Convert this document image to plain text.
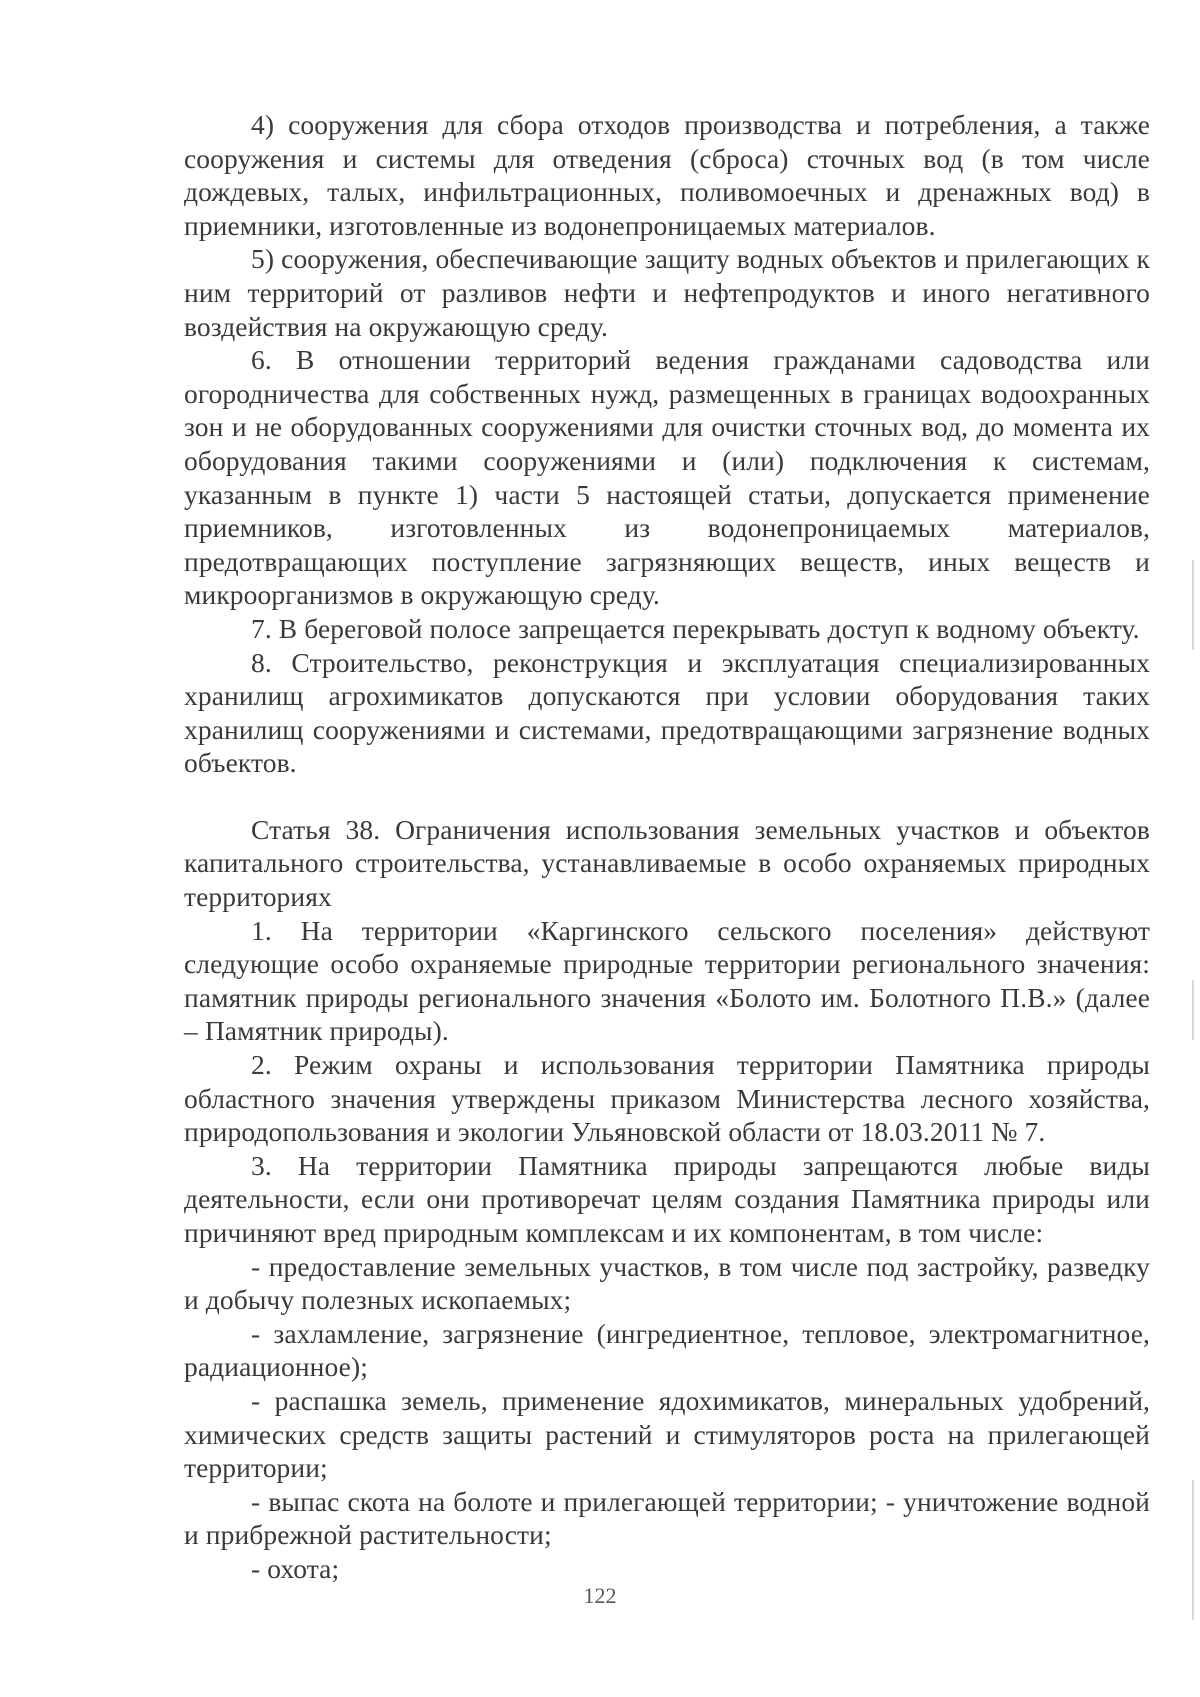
4) сооружения для сбора отходов производства и потребления, а также сооружения и системы для отведения (сброса) сточных вод (в том числе дождевых, талых, инфильтрационных, поливомоечных и дренажных вод) в приемники, изготовленные из водонепроницаемых материалов.

5) сооружения, обеспечивающие защиту водных объектов и прилегающих к ним территорий от разливов нефти и нефтепродуктов и иного негативного воздействия на окружающую среду.

6. В отношении территорий ведения гражданами садоводства или огородничества для собственных нужд, размещенных в границах водоохранных зон и не оборудованных сооружениями для очистки сточных вод, до момента их оборудования такими сооружениями и (или) подключения к системам, указанным в пункте 1) части 5 настоящей статьи, допускается применение приемников, изготовленных из водонепроницаемых материалов, предотвращающих поступление загрязняющих веществ, иных веществ и микроорганизмов в окружающую среду.

7. В береговой полосе запрещается перекрывать доступ к водному объекту.

8. Строительство, реконструкция и эксплуатация специализированных хранилищ агрохимикатов допускаются при условии оборудования таких хранилищ сооружениями и системами, предотвращающими загрязнение водных объектов.

Статья 38. Ограничения использования земельных участков и объектов капитального строительства, устанавливаемые в особо охраняемых природных территориях

1. На территории «Каргинского сельского поселения» действуют следующие особо охраняемые природные территории регионального значения: памятник природы регионального значения «Болото им. Болотного П.В.» (далее – Памятник природы).

2. Режим охраны и использования территории Памятника природы областного значения утверждены приказом Министерства лесного хозяйства, природопользования и экологии Ульяновской области от 18.03.2011 № 7.

3. На территории Памятника природы запрещаются любые виды деятельности, если они противоречат целям создания Памятника природы или причиняют вред природным комплексам и их компонентам, в том числе:

- предоставление земельных участков, в том числе под застройку, разведку и добычу полезных ископаемых;

- захламление, загрязнение (ингредиентное, тепловое, электромагнитное, радиационное);

- распашка земель, применение ядохимикатов, минеральных удобрений, химических средств защиты растений и стимуляторов роста на прилегающей территории;

- выпас скота на болоте и прилегающей территории; - уничтожение водной и прибрежной растительности;

- охота;

122
